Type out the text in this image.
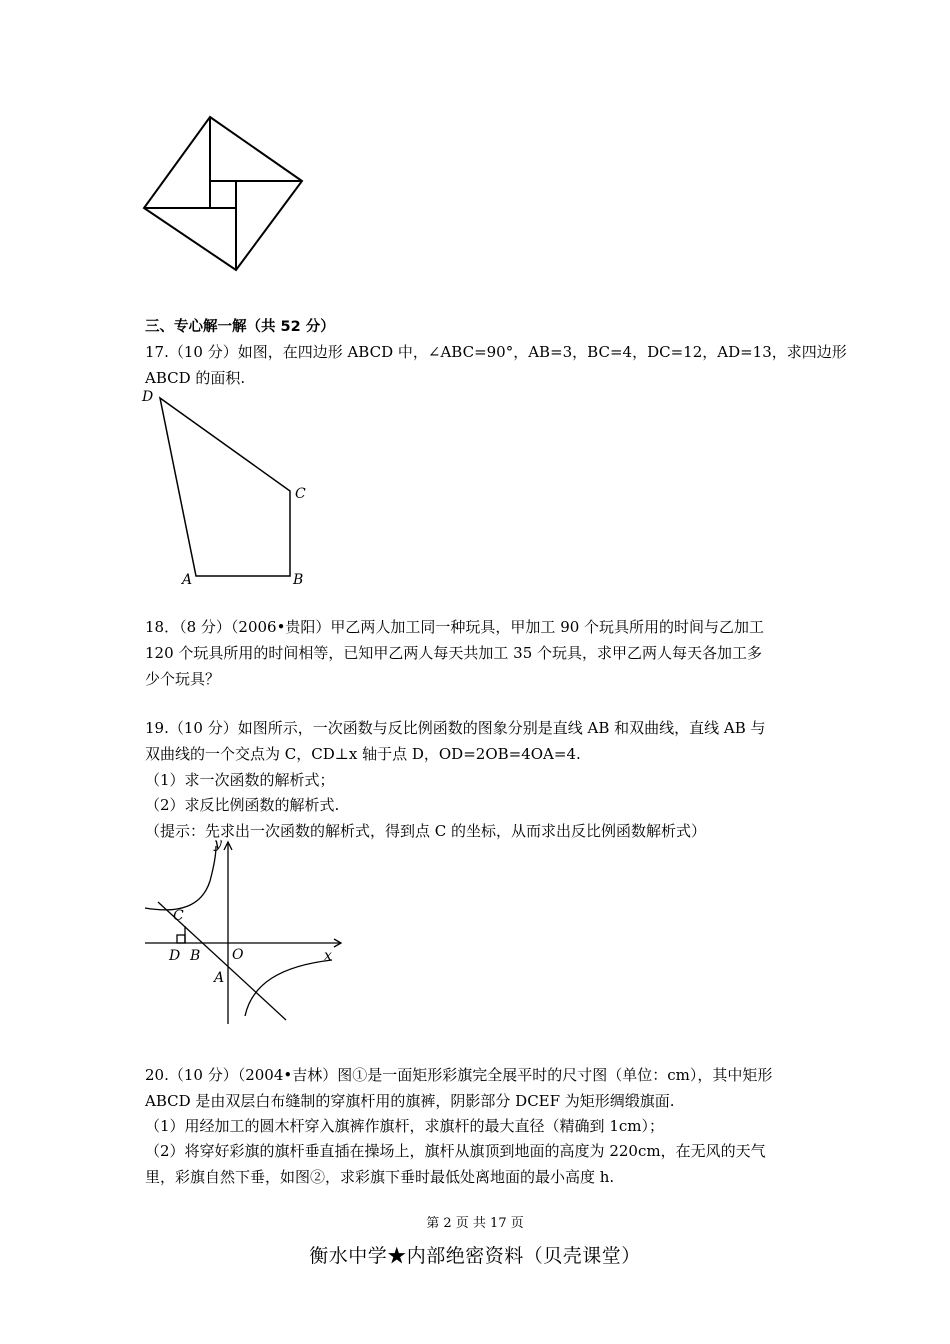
三、专心解一解（共 52 分）
17.（10 分）如图，在四边形 ABCD 中，∠ABC=90°，AB=3，BC=4，DC=12，AD=13，求四边形
ABCD 的面积.
D
C
A	B
18．（8 分）（2006•贵阳）甲乙两人加工同一种玩具，甲加工 90 个玩具所用的时间与乙加工
120 个玩具所用的时间相等，已知甲乙两人每天共加工 35 个玩具，求甲乙两人每天各加工多
少个玩具？
19.（10 分）如图所示，一次函数与反比例函数的图象分别是直线 AB 和双曲线，直线 AB 与
双曲线的一个交点为 C，CD⊥x 轴于点 D，OD=2OB=4OA=4.
（1）求一次函数的解析式；
（2）求反比例函数的解析式.
（提示：先求出一次函数的解析式，得到点 C 的坐标，从而求出反比例函数解析式）
y
x
C
D B O
A
20.（10 分）（2004•吉林）图①是一面矩形彩旗完全展平时的尺寸图（单位：cm），其中矩形
ABCD 是由双层白布缝制的穿旗杆用的旗裤，阴影部分 DCEF 为矩形绸缎旗面.
（1）用经加工的圆木杆穿入旗裤作旗杆，求旗杆的最大直径（精确到 1cm）；
（2）将穿好彩旗的旗杆垂直插在操场上，旗杆从旗顶到地面的高度为 220cm，在无风的天气
里，彩旗自然下垂，如图②，求彩旗下垂时最低处离地面的最小高度 h.
第 2 页 共 17 页
衡水中学★内部绝密资料（贝壳课堂）
